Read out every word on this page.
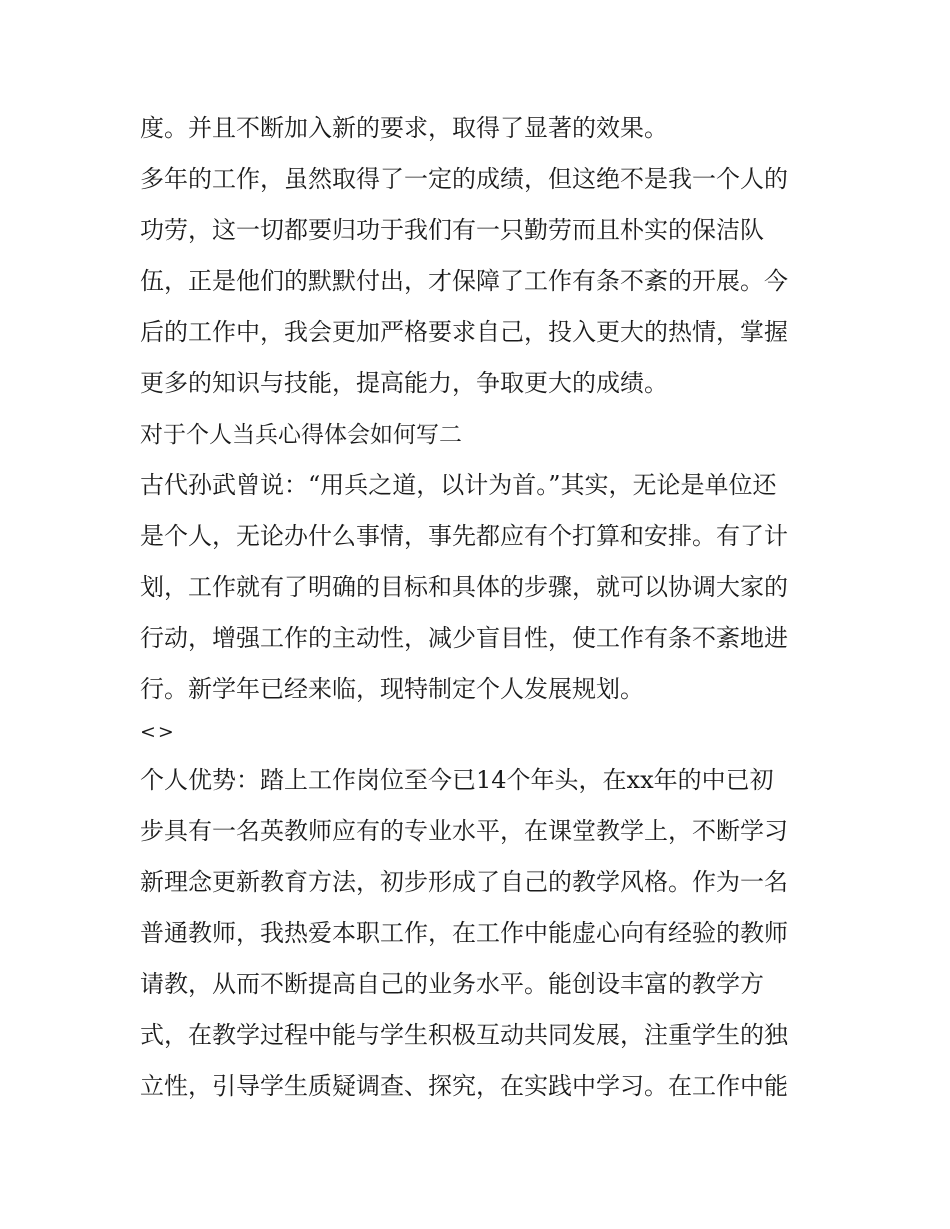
度。并且不断加入新的要求，取得了显著的效果。
多年的工作，虽然取得了一定的成绩，但这绝不是我一个人的
功劳，这一切都要归功于我们有一只勤劳而且朴实的保洁队
伍，正是他们的默默付出，才保障了工作有条不紊的开展。今
后的工作中，我会更加严格要求自己，投入更大的热情，掌握
更多的知识与技能，提高能力，争取更大的成绩。
对于个人当兵心得体会如何写二
古代孙武曾说：“用兵之道，以计为首。”其实，无论是单位还
是个人，无论办什么事情，事先都应有个打算和安排。有了计
划，工作就有了明确的目标和具体的步骤，就可以协调大家的
行动，增强工作的主动性，减少盲目性，使工作有条不紊地进
行。新学年已经来临，现特制定个人发展规划。
<>
个人优势：踏上工作岗位至今已14个年头，在xx年的中已初
步具有一名英教师应有的专业水平，在课堂教学上，不断学习
新理念更新教育方法，初步形成了自己的教学风格。作为一名
普通教师，我热爱本职工作，在工作中能虚心向有经验的教师
请教，从而不断提高自己的业务水平。能创设丰富的教学方
式，在教学过程中能与学生积极互动共同发展，注重学生的独
立性，引导学生质疑调查、探究，在实践中学习。在工作中能
